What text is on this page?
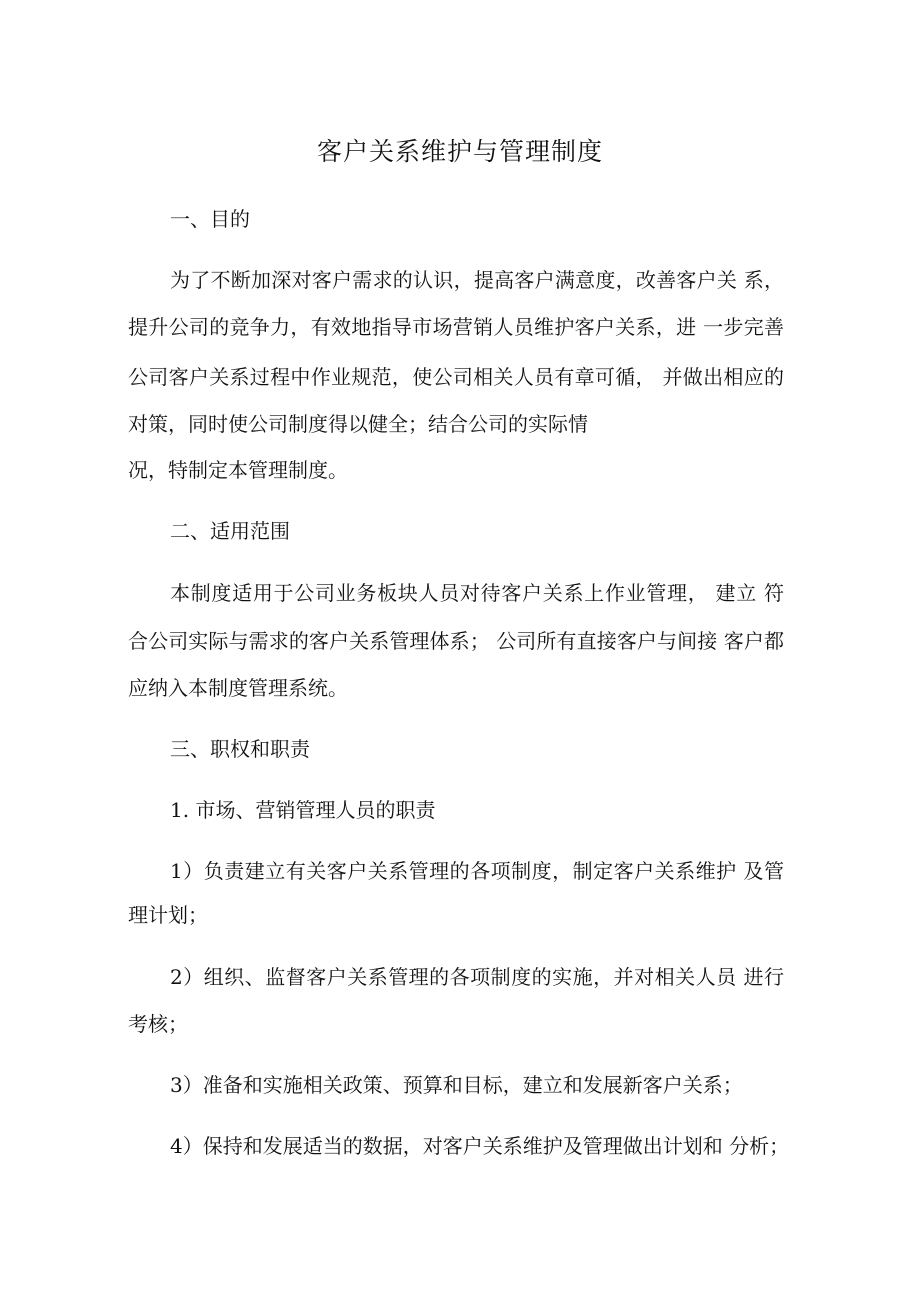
客户关系维护与管理制度
一、目的
为了不断加深对客户需求的认识，提高客户满意度，改善客户关 系，
提升公司的竞争力，有效地指导市场营销人员维护客户关系，进 一步完善
公司客户关系过程中作业规范，使公司相关人员有章可循， 并做出相应的
对策，同时使公司制度得以健全；结合公司的实际情
况，特制定本管理制度。
二、适用范围
本制度适用于公司业务板块人员对待客户关系上作业管理， 建立 符
合公司实际与需求的客户关系管理体系； 公司所有直接客户与间接 客户都
应纳入本制度管理系统。
三、职权和职责
1. 市场、营销管理人员的职责
1）负责建立有关客户关系管理的各项制度，制定客户关系维护 及管
理计划；
2）组织、监督客户关系管理的各项制度的实施，并对相关人员 进行
考核；
3）准备和实施相关政策、预算和目标，建立和发展新客户关系；
4）保持和发展适当的数据，对客户关系维护及管理做出计划和 分析；
